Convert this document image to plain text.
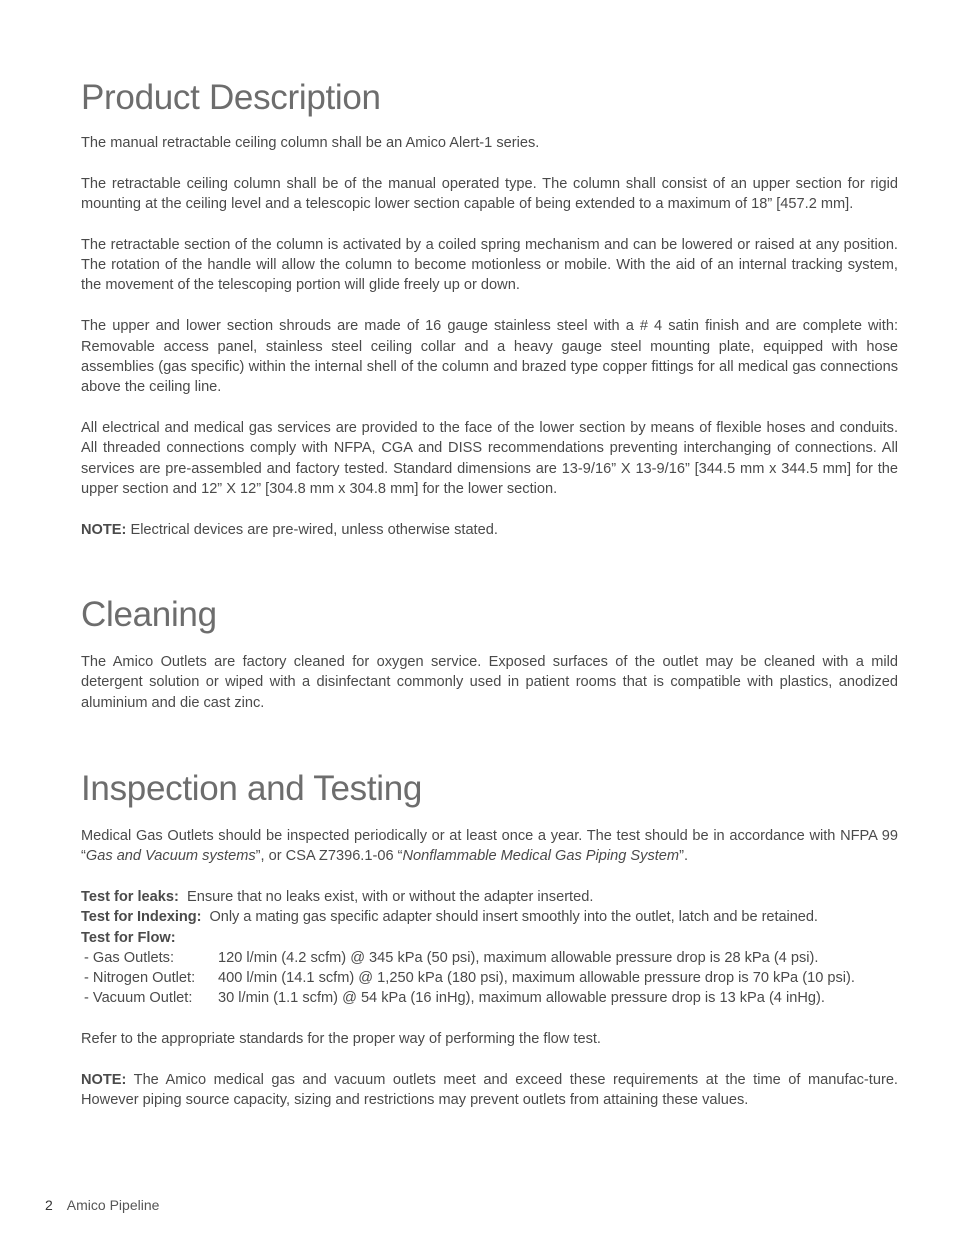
Product Description

The manual retractable ceiling column shall be an Amico Alert-1 series.

The retractable ceiling column shall be of the manual operated type. The column shall consist of an upper section for rigid mounting at the ceiling level and a telescopic lower section capable of being extended to a maximum of 18” [457.2 mm].

The retractable section of the column is activated by a coiled spring mechanism and can be lowered or raised at any position. The rotation of the handle will allow the column to become motionless or mobile. With the aid of an internal tracking system, the movement of the telescoping portion will glide freely up or down.

The upper and lower section shrouds are made of 16 gauge stainless steel with a # 4 satin finish and are complete with: Removable access panel, stainless steel ceiling collar and a heavy gauge steel mounting plate, equipped with hose assemblies (gas specific) within the internal shell of the column and brazed type copper fittings for all medical gas connections above the ceiling line.

All electrical and medical gas services are provided to the face of the lower section by means of flexible hoses and conduits. All threaded connections comply with NFPA, CGA and DISS recommendations preventing interchanging of connections. All services are pre-assembled and factory tested. Standard dimensions are 13-9/16” X 13-9/16” [344.5 mm x 344.5 mm] for the upper section and 12” X 12” [304.8 mm x 304.8 mm] for the lower section.

NOTE: Electrical devices are pre-wired, unless otherwise stated.

Cleaning

The Amico Outlets are factory cleaned for oxygen service. Exposed surfaces of the outlet may be cleaned with a mild detergent solution or wiped with a disinfectant commonly used in patient rooms that is compatible with plastics, anodized aluminium and die cast zinc.

Inspection and Testing

Medical Gas Outlets should be inspected periodically or at least once a year. The test should be in accordance with NFPA 99 “Gas and Vacuum systems”, or CSA Z7396.1-06 “Nonflammable Medical Gas Piping System”.

Test for leaks:  Ensure that no leaks exist, with or without the adapter inserted.

Test for Indexing:  Only a mating gas specific adapter should insert smoothly into the outlet, latch and be retained.

Test for Flow:

- Gas Outlets:	120 l/min (4.2 scfm) @ 345 kPa (50 psi), maximum allowable pressure drop is 28 kPa (4 psi).
- Nitrogen Outlet:	400 l/min (14.1 scfm) @ 1,250 kPa (180 psi), maximum allowable pressure drop is 70 kPa (10 psi).
- Vacuum Outlet:	30 l/min (1.1 scfm) @ 54 kPa (16 inHg), maximum allowable pressure drop is 13 kPa (4 inHg).

Refer to the appropriate standards for the proper way of performing the flow test.

NOTE: The Amico medical gas and vacuum outlets meet and exceed these requirements at the time of manufac-ture. However piping source capacity, sizing and restrictions may prevent outlets from attaining these values.

2 Amico Pipeline
